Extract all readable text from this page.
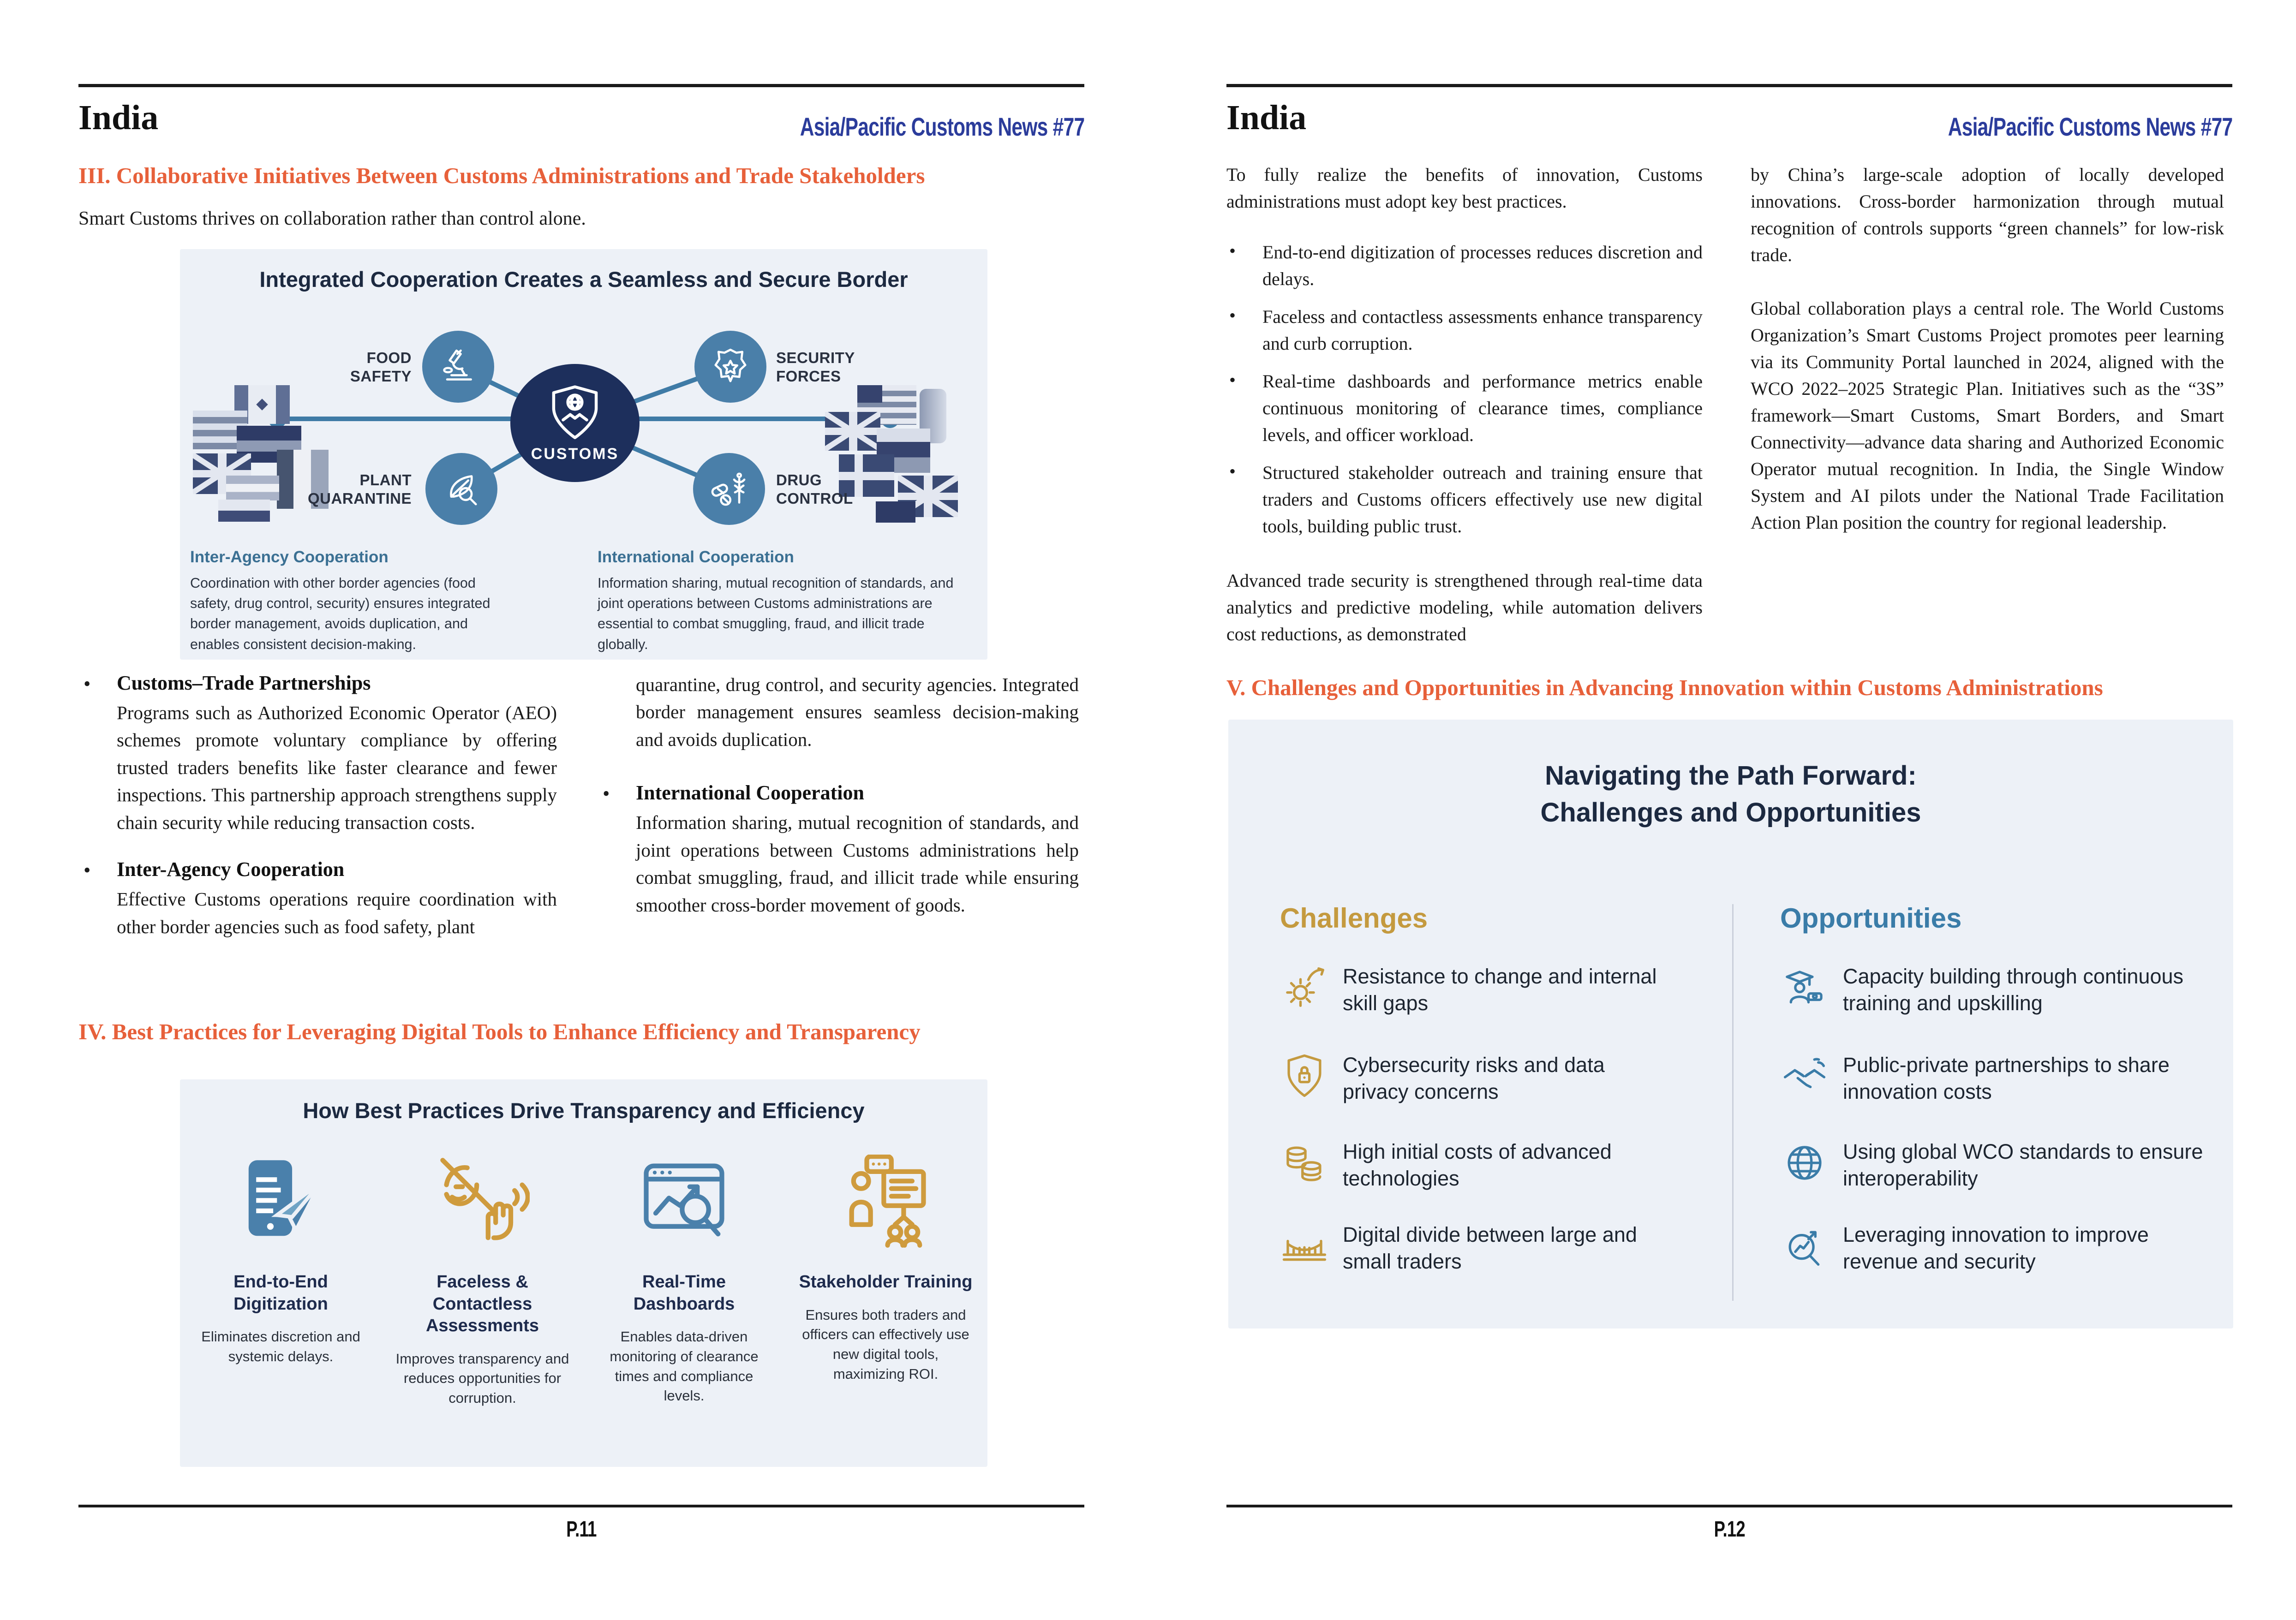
India	Asia/Pacific Customs News #77
III. Collaborative Initiatives Between Customs Administrations and Trade Stakeholders
Smart Customs thrives on collaboration rather than control alone.
Integrated Cooperation Creates a Seamless and Secure Border
FOOD
SAFETY
SECURITY
FORCES
PLANT
QUARANTINE
DRUG
CONTROL
CUSTOMS
Inter-Agency Cooperation

Coordination with other border agencies (food safety, drug control, security) ensures integrated border management, avoids duplication, and enables consistent decision-making.

International Cooperation

Information sharing, mutual recognition of standards, and joint operations between Customs administrations are essential to combat smuggling, fraud, and illicit trade globally.

• Customs–Trade Partnerships
Programs such as Authorized Economic Operator (AEO) schemes promote voluntary compliance by offering trusted traders benefits like faster clearance and fewer inspections. This partnership approach strengthens supply chain security while reducing transaction costs.
• Inter-Agency Cooperation
Effective Customs operations require coordination with other border agencies such as food safety, plant
quarantine, drug control, and security agencies. Integrated border management ensures seamless decision-making and avoids duplication.
• International Cooperation
Information sharing, mutual recognition of standards, and joint operations between Customs administrations help combat smuggling, fraud, and illicit trade while ensuring smoother cross-border movement of goods.
IV. Best Practices for Leveraging Digital Tools to Enhance Efficiency and Transparency
How Best Practices Drive Transparency and Efficiency
End-to-End Digitization

Eliminates discretion and systemic delays.

Faceless & Contactless Assessments

Improves transparency and reduces opportunities for corruption.

Real-Time Dashboards

Enables data-driven monitoring of clearance times and compliance levels.

Stakeholder Training

Ensures both traders and officers can effectively use new digital tools, maximizing ROI.

P.11
India	Asia/Pacific Customs News #77
To fully realize the benefits of innovation, Customs administrations must adopt key best practices.
• End-to-end digitization of processes reduces discretion and delays.
• Faceless and contactless assessments enhance transparency and curb corruption.
• Real-time dashboards and performance metrics enable continuous monitoring of clearance times, compliance levels, and officer workload.
• Structured stakeholder outreach and training ensure that traders and Customs officers effectively use new digital tools, building public trust.
Advanced trade security is strengthened through real-time data analytics and predictive modeling, while automation delivers cost reductions, as demonstrated
by China’s large-scale adoption of locally developed innovations. Cross-border harmonization through mutual recognition of controls supports “green channels” for low-risk trade.
Global collaboration plays a central role. The World Customs Organization’s Smart Customs Project promotes peer learning via its Community Portal launched in 2024, aligned with the WCO 2022–2025 Strategic Plan. Initiatives such as the “3S” framework—Smart Customs, Smart Borders, and Smart Connectivity—advance data sharing and Authorized Economic Operator mutual recognition. In India, the Single Window System and AI pilots under the National Trade Facilitation Action Plan position the country for regional leadership.
V. Challenges and Opportunities in Advancing Innovation within Customs Administrations
Navigating the Path Forward:
Challenges and Opportunities
Challenges	Opportunities
Resistance to change and internal skill gaps
Cybersecurity risks and data privacy concerns
High initial costs of advanced technologies
Digital divide between large and small traders
Capacity building through continuous training and upskilling
Public-private partnerships to share innovation costs
Using global WCO standards to ensure interoperability
Leveraging innovation to improve revenue and security
P.12
